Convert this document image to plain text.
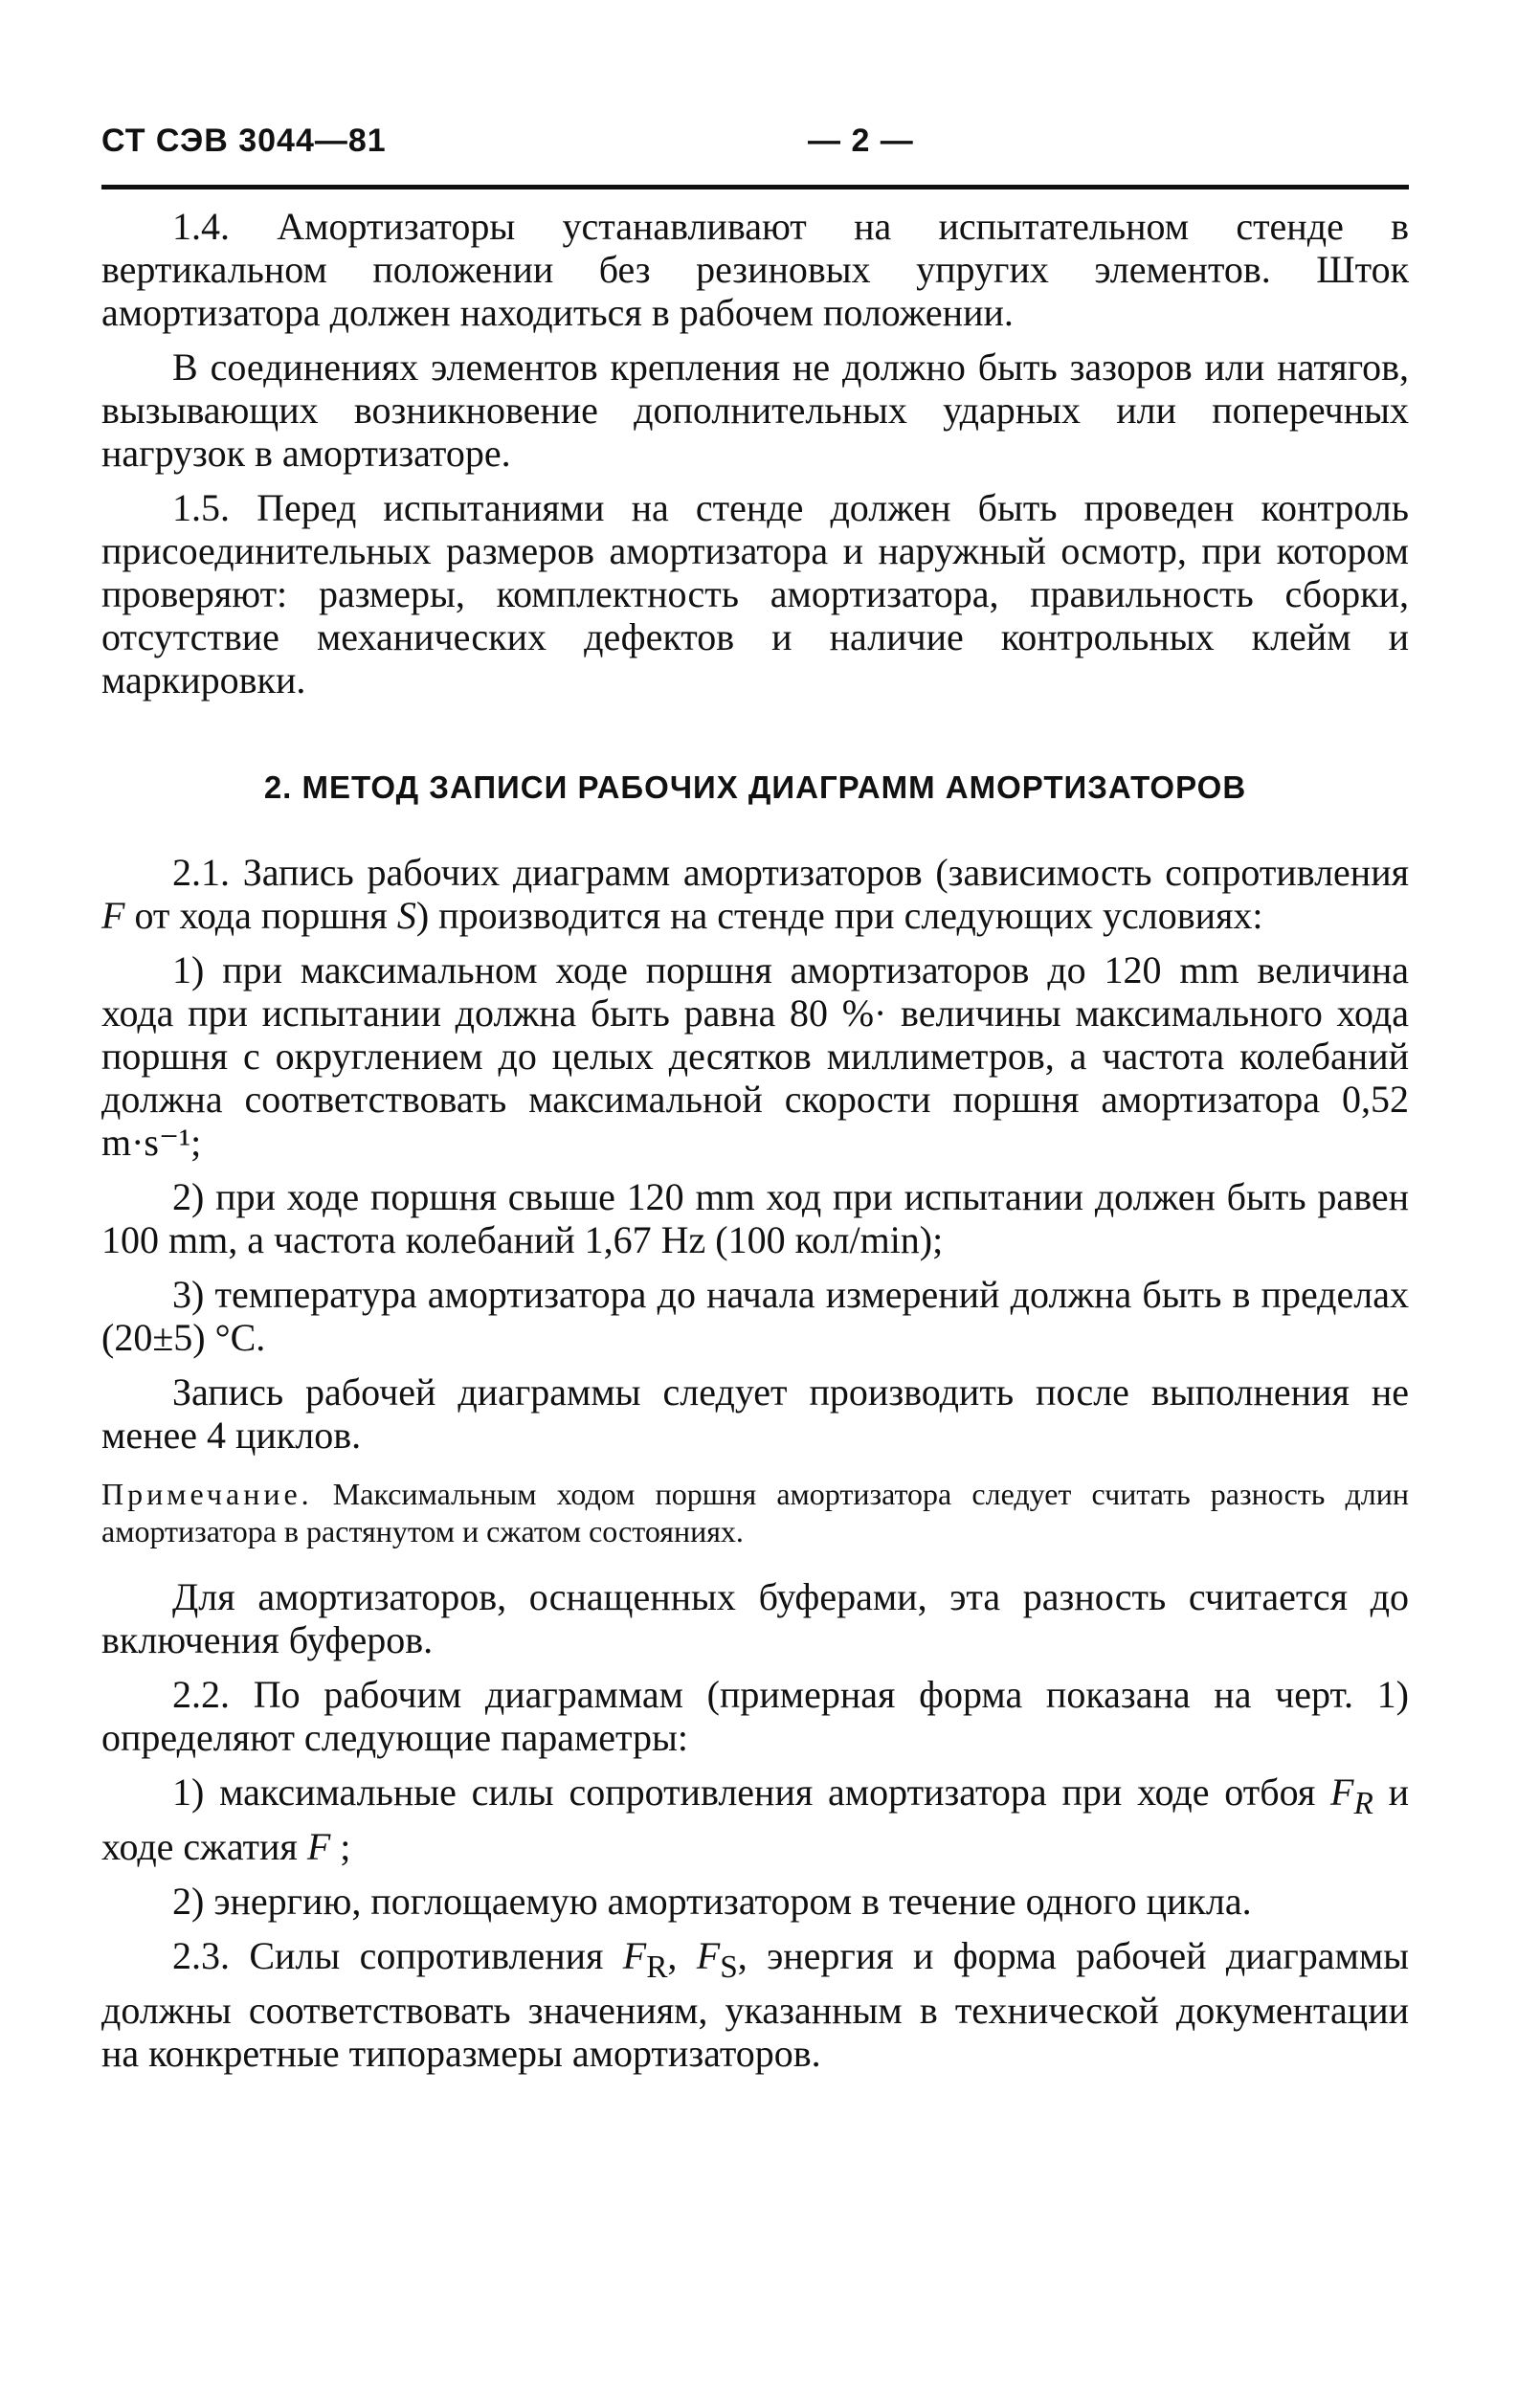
СТ СЭВ 3044—81	— 2 —

1.4. Амортизаторы устанавливают на испытательном стенде в вертикальном положении без резиновых упругих элементов. Шток амортизатора должен находиться в рабочем положении.

В соединениях элементов крепления не должно быть зазоров или натягов, вызывающих возникновение дополнительных ударных или поперечных нагрузок в амортизаторе.

1.5. Перед испытаниями на стенде должен быть проведен контроль присоединительных размеров амортизатора и наружный осмотр, при котором проверяют: размеры, комплектность амортизатора, правильность сборки, отсутствие механических дефектов и наличие контрольных клейм и маркировки.

2. МЕТОД ЗАПИСИ РАБОЧИХ ДИАГРАММ АМОРТИЗАТОРОВ

2.1. Запись рабочих диаграмм амортизаторов (зависимость сопротивления F от хода поршня S) производится на стенде при следующих условиях:

1) при максимальном ходе поршня амортизаторов до 120 mm величина хода при испытании должна быть равна 80 %· величины максимального хода поршня с округлением до целых десятков миллиметров, а частота колебаний должна соответствовать максимальной скорости поршня амортизатора 0,52 m·s⁻¹;

2) при ходе поршня свыше 120 mm ход при испытании должен быть равен 100 mm, а частота колебаний 1,67 Hz (100 кол/min);

3) температура амортизатора до начала измерений должна быть в пределах (20±5) °C.

Запись рабочей диаграммы следует производить после выполнения не менее 4 циклов.

Примечание. Максимальным ходом поршня амортизатора следует считать разность длин амортизатора в растянутом и сжатом состояниях.

Для амортизаторов, оснащенных буферами, эта разность считается до включения буферов.

2.2. По рабочим диаграммам (примерная форма показана на черт. 1) определяют следующие параметры:

1) максимальные силы сопротивления амортизатора при ходе отбоя $F_R$ и ходе сжатия F ;

2) энергию, поглощаемую амортизатором в течение одного цикла.

2.3. Силы сопротивления $F_R$, $F_S$, энергия и форма рабочей диаграммы должны соответствовать значениям, указанным в технической документации на конкретные типоразмеры амортизаторов.
